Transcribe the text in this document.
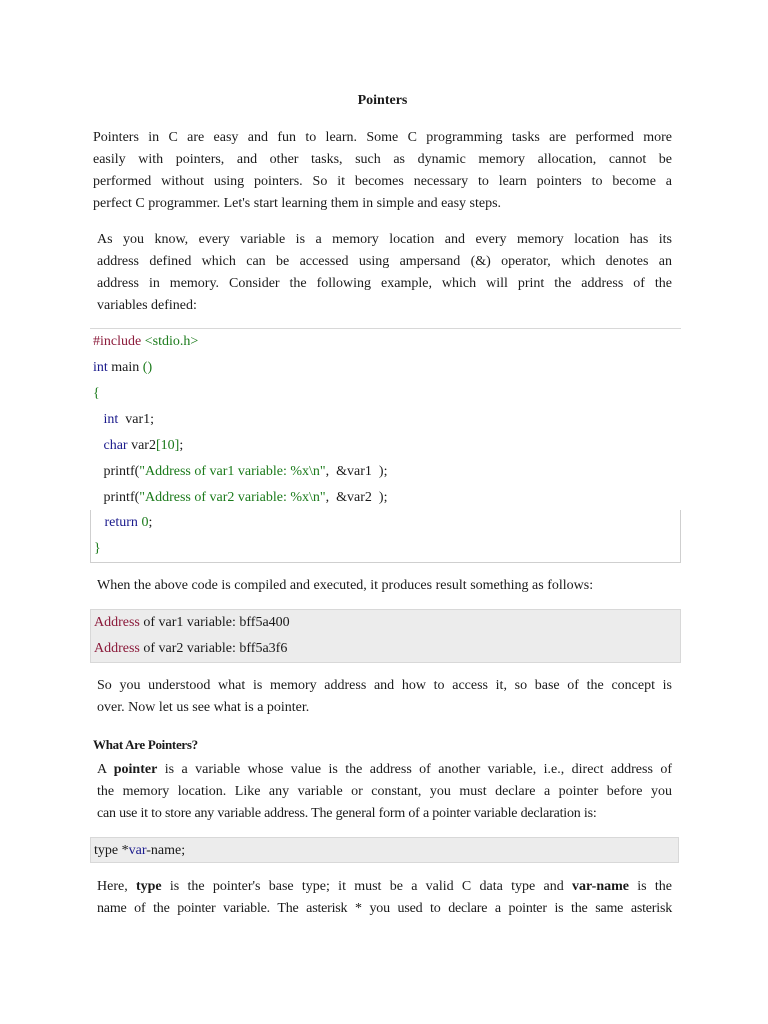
Pointers
Pointers in C are easy and fun to learn. Some C programming tasks are performed more
easily with pointers, and other tasks, such as dynamic memory allocation, cannot be
performed without using pointers. So it becomes necessary to learn pointers to become a
perfect C programmer. Let's start learning them in simple and easy steps.
As you know, every variable is a memory location and every memory location has its
address defined which can be accessed using ampersand (&) operator, which denotes an
address in memory. Consider the following example, which will print the address of the
variables defined:
#include <stdio.h>
int main ()
{
int  var1;
char var2[10];
printf("Address of var1 variable: %x\n",  &var1  );
printf("Address of var2 variable: %x\n",  &var2  );
return 0;
}
When the above code is compiled and executed, it produces result something as follows:
Address of var1 variable: bff5a400
Address of var2 variable: bff5a3f6
So you understood what is memory address and how to access it, so base of the concept is
over. Now let us see what is a pointer.
What Are Pointers?
A pointer is a variable whose value is the address of another variable, i.e., direct address of
the memory location. Like any variable or constant, you must declare a pointer before you
can use it to store any variable address. The general form of a pointer variable declaration is:
type *var-name;
Here, type is the pointer's base type; it must be a valid C data type and var-name is the
name of the pointer variable. The asterisk * you used to declare a pointer is the same asterisk
